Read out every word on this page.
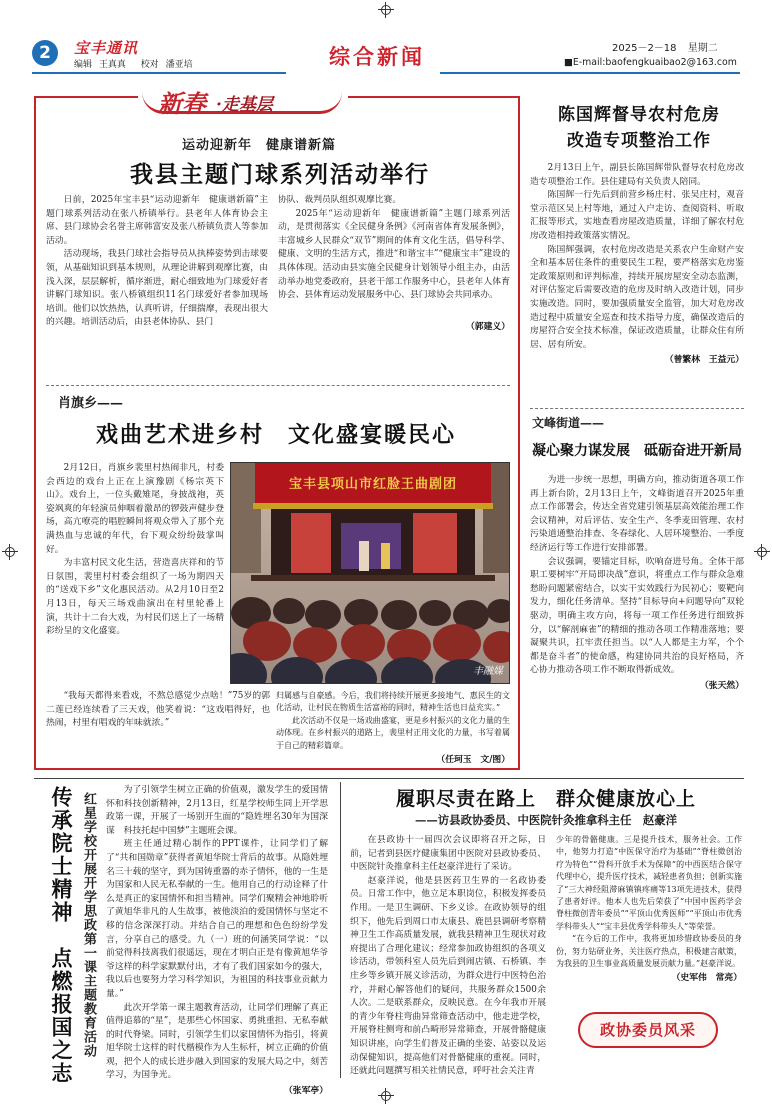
2	宝丰通讯
编辑 王真真 校对 潘亚培	综合新闻	2025－2－18 星期二
■E-mail:baofengkuaibao2@163.com
新春 ·走基层
运动迎新年　健康谱新篇
我县主题门球系列活动举行

日前，2025年宝丰县“运动迎新年　健康谱新篇”主题门球系列活动在张八桥镇举行。县老年人体育协会主席、县门球协会名誉主席韩富安及张八桥镇负责人等参加活动。

活动现场，我县门球社会指导员从执棒姿势到击球要领，从基础知识到基本规则，从理论讲解到观摩比赛，由浅入深，层层解析，循序渐进，耐心细致地为门球爱好者讲解门球知识。张八桥镇组织11名门球爱好者参加现场培训。他们以饮热热，认真听讲，仔细揣摩，表现出很大的兴趣。培训活动后，由县老体协队、县门

协队、裁判员队组织观摩比赛。

2025年“运动迎新年　健康谱新篇”主题门球系列活动，是贯彻落实《全民健身条例》《河南省体育发展条例》，丰富城乡人民群众“双节”期间的体育文化生活，倡导科学、健康、文明的生活方式，推进“和谐宝丰”“健康宝丰”建设的具体体现。活动由县实施全民健身计划领导小组主办，由活动举办地党委政府，县老干部工作服务中心，县老年人体育协会、县体育运动发展服务中心、县门球协会共同承办。

（郭建义）
肖旗乡——
戏曲艺术进乡村　文化盛宴暖民心

2月12日，肖旗乡裴里村热闹非凡，村委会西边的戏台上正在上演豫剧《杨宗英下山》。戏台上，一位头戴雉尾，身披战袍，英姿飒爽的年轻演员伸咽着激昂的锣鼓声健步登场，高亢嘹亮的唱腔瞬间将观众带入了那个充满热血与忠诚的年代，台下观众纷纷鼓掌叫好。

为丰富村民文化生活，营造喜庆祥和的节日氛围，裴里村村委会组织了一场为期四天的“送戏下乡”文化惠民活动。从2月10日至2月13日，每天三场戏曲演出在村里轮番上演，共计十二台大戏，为村民们送上了一场精彩纷呈的文化盛宴。

“我每天都得来看戏，不熬总感觉少点啥！”75岁的郭二莲已经连续看了三天戏，他笑着说：“这戏唱得好，也热闹，村里有唱戏的年味就浓。”

宝丰县项山市红脸王曲剧团
丰融媒

归属感与自豪感。今后，我们将持续开展更多接地气、惠民生的文化活动，让村民在物质生活富裕的同时，精神生活也日益充实。”

此次活动不仅是一场戏曲盛宴，更是乡村振兴的文化力量的生动体现。在乡村振兴的道路上，裴里村正用文化的力量，书写着属于自己的精彩篇章。

（任珂玉　文/图）
陈国辉督导农村危房
改造专项整治工作

2月13日上午，副县长陈国辉带队督导农村危房改造专项整治工作。县住建局有关负责人陪同。

陈国辉一行先后到前营乡杨庄村、张吴庄村，观音堂示范区吴上村等地，通过入户走访、查阅资料、听取汇报等形式，实地查看房屋改造质量，详细了解农村危房改造相持政策落实情况。

陈国辉强调，农村危房改造是关系农户生命财产安全和基本居住条件的重要民生工程，要严格落实危房鉴定政策原则和评判标准，持续开展房屋安全动态监测，对评估鉴定后需要改造的危房及时纳入改造计划，同步实施改造。同时，要加强质量安全监管，加大对危房改造过程中质量安全巡查和技术指导力度，确保改造后的房屋符合安全技术标准，保证改造质量，让群众住有所居、居有所安。

（曾繁林　王益元）
文峰街道——
凝心聚力谋发展　砥砺奋进开新局

为进一步统一思想，明确方向，推动街道各项工作再上新台阶，2月13日上午，文峰街道召开2025年重点工作部署会，传达全省党建引领基层高效能治理工作会议精神，对后评估、安全生产、冬季麦田管理、农村污染道通整治排查、冬春绿化、人居环境整治、一季度经济运行等工作进行安排部署。

会议强调，要锚定目标，吹响奋进号角。全体干部职工要树牢“开局即决战”意识，将重点工作与群众急难愁盼问题紧密结合，以实干实效践行为民初心；要靶向发力，细化任务清单。坚持“目标导向+问题导向”双轮驱动，明确主攻方向，将每一项工作任务进行细致拆分，以“解剖麻雀”的精细的推动各项工作精准落地；要凝聚共识，扛牢责任担当。以“人人都是主力军，个个都是奋斗者”的使命感，构建协同共治的良好格局，齐心协力推动各项工作不断取得新成效。

（张天然）
传承院士精神　点燃报国之志 红星学校开展开学思政第一课主题教育活动

为了引领学生树立正确的价值观，激发学生的爱国情怀和科技创新精神，2月13日，红星学校师生同上开学思政第一课，开展了一场别开生面的“隐姓埋名30年为国深谋　科技托起中国梦”主题班会课。

班主任通过精心制作的PPT课件，让同学们了解了“共和国勋章”获得者黄旭华院士背后的故事。从隐姓埋名三十载的坚守，到为国铸重器的赤子情怀，他的一生是为国家和人民无私奉献的一生。他用自己的行动诠释了什么是真正的家国情怀和担当精神。同学们聚精会神地聆听了黄旭华非凡的人生故事，被他淡泊的爱国情怀与坚定不移的信念深深打动。并结合自己的理想和色色纷纷学发言，分享自己的感受。九（一）班的何涵笑同学说：“以前觉得科技离我们很遥远，现在才明白正是有像黄旭华爷爷这样的科学家默默付出，才有了我们国家如今的强大，我以后也要努力学习科学知识，为祖国的科技事业贡献力量。”

此次开学第一课主题教育活动，让同学们理解了真正值得追慕的“星”，是那些心怀国家、勇挑重担、无私奉献的时代脊梁。同时，引领学生们以家国情怀为指引，将黄旭华院士这样的时代楷模作为人生标杆，树立正确的价值观，把个人的成长进步融入到国家的发展大局之中，刻苦学习，为国争光。

（张军亭）
履职尽责在路上　群众健康放心上
——访县政协委员、中医院针灸推拿科主任　赵豪洋

在县政协十一届四次会议即将召开之际，日前，记者到县医疗健康集团中医院对县政协委员、中医院针灸推拿科主任赵豪洋进行了采访。

赵豪洋说，他是县医药卫生界的一名政协委员。日常工作中，他立足本职岗位，积极发挥委员作用。一是卫生调研、下乡义诊。在政协领导的组织下，他先后到周口市太康县、鹿邑县调研考察精神卫生工作高质量发展，就我县精神卫生现状对政府提出了合理化建议；经常参加政协组织的各项义诊活动，带领科室人员先后到闹店镇、石桥镇、李庄乡等乡镇开展义诊活动，为群众进行中医特色治疗，并耐心解答他们的疑问，共服务群众1500余人次。二是联系群众，反映民意。在今年我市开展的青少年脊柱弯曲异常筛查活动中，他走进学校，开展脊柱侧弯和前凸畸形异常筛查，开展骨骼健康知识讲座，向学生们普及正确的坐姿、站姿以及运动保健知识，提高他们对骨骼健康的重视。同时，还就此问题撰写相关社情民意，呼吁社会关注青

少年的骨骼健康。三是提升技术，服务社会。工作中，他努力打造“中医保守治疗为基础”“脊柱微创治疗为特色”“骨科开放手术为保障”的中西医结合保守代理中心，提升医疗技术，减轻患者负担；创新实施了“三大神经阻滞麻镇镇疼痛等13项先进技术，获得了患者好评。他本人也先后荣获了“中国中医药学会脊柱微创青年委员”“平顶山优秀医师”“平顶山市优秀学科带头人”“宝丰县优秀学科带头人”等荣誉。

“在今后的工作中，我将更加珍惜政协委员的身份，努力钻研业务，关注医疗热点，积极建言献策，为我县的卫生事业高质量发展贡献力量。”赵豪洋说。

（史军伟　常亮）
政协委员风采
